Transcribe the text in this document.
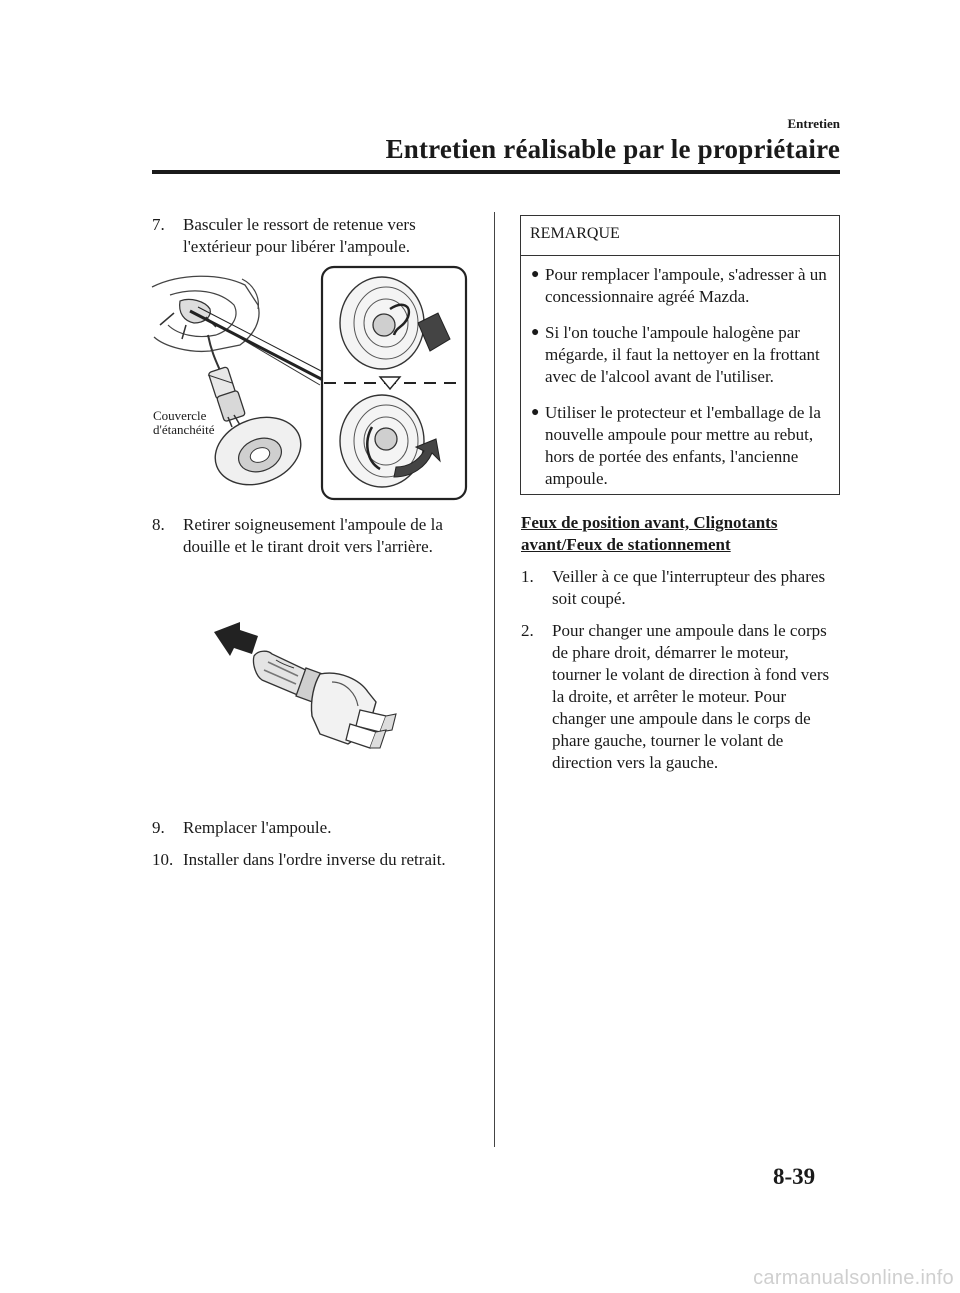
Entretien
Entretien réalisable par le propriétaire
7. Basculer le ressort de retenue vers l'extérieur pour libérer l'ampoule.
Couvercle
d'étanchéité
8. Retirer soigneusement l'ampoule de la douille et le tirant droit vers l'arrière.
9. Remplacer l'ampoule.
10. Installer dans l'ordre inverse du retrait.
REMARQUE
● Pour remplacer l'ampoule, s'adresser à un concessionnaire agréé Mazda.
● Si l'on touche l'ampoule halogène par mégarde, il faut la nettoyer en la frottant avec de l'alcool avant de l'utiliser.
● Utiliser le protecteur et l'emballage de la nouvelle ampoule pour mettre au rebut, hors de portée des enfants, l'ancienne ampoule.
Feux de position avant, Clignotants avant/Feux de stationnement
1. Veiller à ce que l'interrupteur des phares soit coupé.
2. Pour changer une ampoule dans le corps de phare droit, démarrer le moteur, tourner le volant de direction à fond vers la droite, et arrêter le moteur. Pour changer une ampoule dans le corps de phare gauche, tourner le volant de direction vers la gauche.
8-39
carmanualsonline.info
